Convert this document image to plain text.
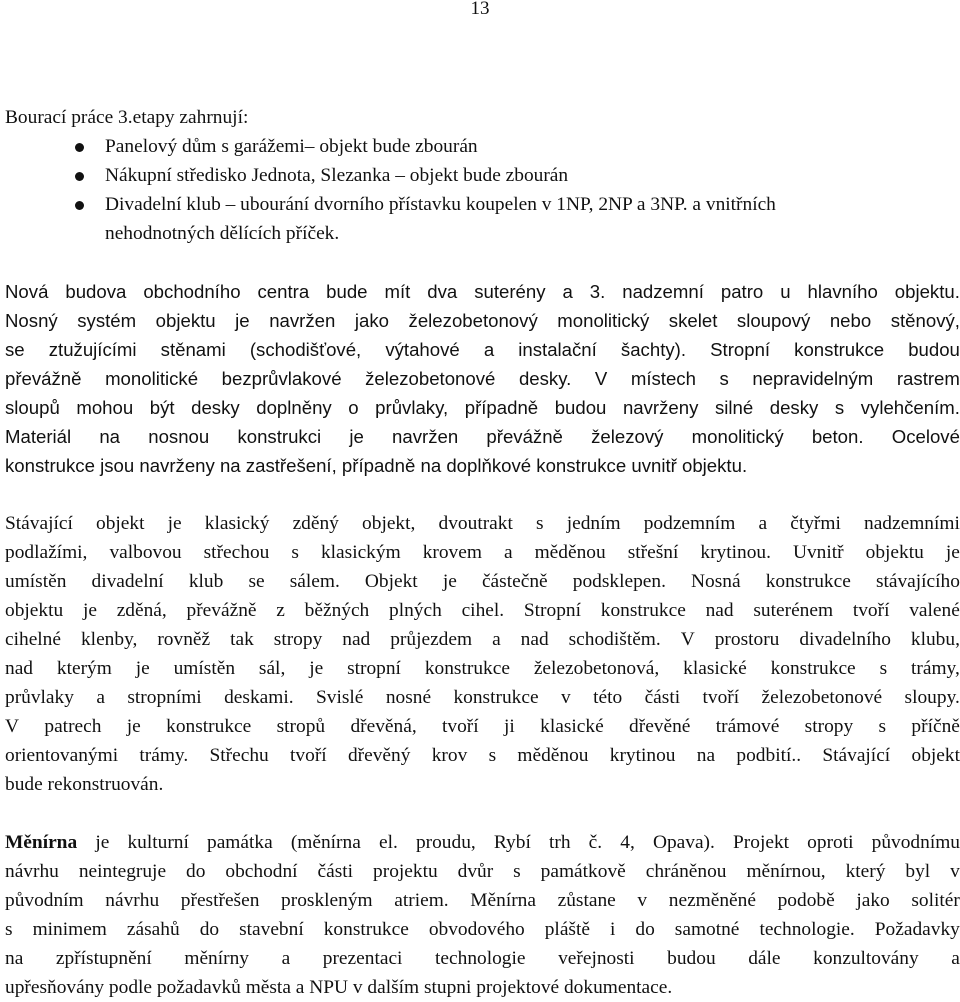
13
Bourací práce 3.etapy zahrnují:
Panelový dům s garážemi– objekt bude zbourán
Nákupní středisko Jednota, Slezanka – objekt bude zbourán
Divadelní klub – ubourání dvorního přístavku koupelen v 1NP, 2NP a 3NP. a vnitřních
nehodnotných dělících příček.
Nová budova obchodního centra bude mít dva suterény a 3. nadzemní patro u hlavního objektu.
Nosný systém objektu je navržen jako železobetonový monolitický skelet sloupový nebo stěnový,
se ztužujícími stěnami (schodišťové, výtahové a instalační šachty). Stropní konstrukce budou
převážně monolitické bezprůvlakové železobetonové desky. V místech s nepravidelným rastrem
sloupů mohou být desky doplněny o průvlaky, případně budou navrženy silné desky s vylehčením.
Materiál na nosnou konstrukci je navržen převážně železový monolitický beton. Ocelové
konstrukce jsou navrženy na zastřešení, případně na doplňkové konstrukce uvnitř objektu.
Stávající objekt je klasický zděný objekt, dvoutrakt s jedním podzemním a čtyřmi nadzemními
podlažími, valbovou střechou s klasickým krovem a měděnou střešní krytinou. Uvnitř objektu je
umístěn divadelní klub se sálem. Objekt je částečně podsklepen. Nosná konstrukce stávajícího
objektu je zděná, převážně z běžných plných cihel. Stropní konstrukce nad suterénem tvoří valené
cihelné klenby, rovněž tak stropy nad průjezdem a nad schodištěm. V prostoru divadelního klubu,
nad kterým je umístěn sál, je stropní konstrukce železobetonová, klasické konstrukce s trámy,
průvlaky a stropními deskami. Svislé nosné konstrukce v této části tvoří železobetonové sloupy.
V patrech je konstrukce stropů dřevěná, tvoří ji klasické dřevěné trámové stropy s příčně
orientovanými trámy. Střechu tvoří dřevěný krov s měděnou krytinou na podbití.. Stávající objekt
bude rekonstruován.
Měnírna je kulturní památka (měnírna el. proudu, Rybí trh č. 4, Opava). Projekt oproti původnímu
návrhu neintegruje do obchodní části projektu dvůr s památkově chráněnou měnírnou, který byl v
původním návrhu přestřešen proskleným atriem. Měnírna zůstane v nezměněné podobě jako solitér
s minimem zásahů do stavební konstrukce obvodového pláště i do samotné technologie. Požadavky
na zpřístupnění měnírny a prezentaci technologie veřejnosti budou dále konzultovány a
upřesňovány podle požadavků města a NPU v dalším stupni projektové dokumentace.
